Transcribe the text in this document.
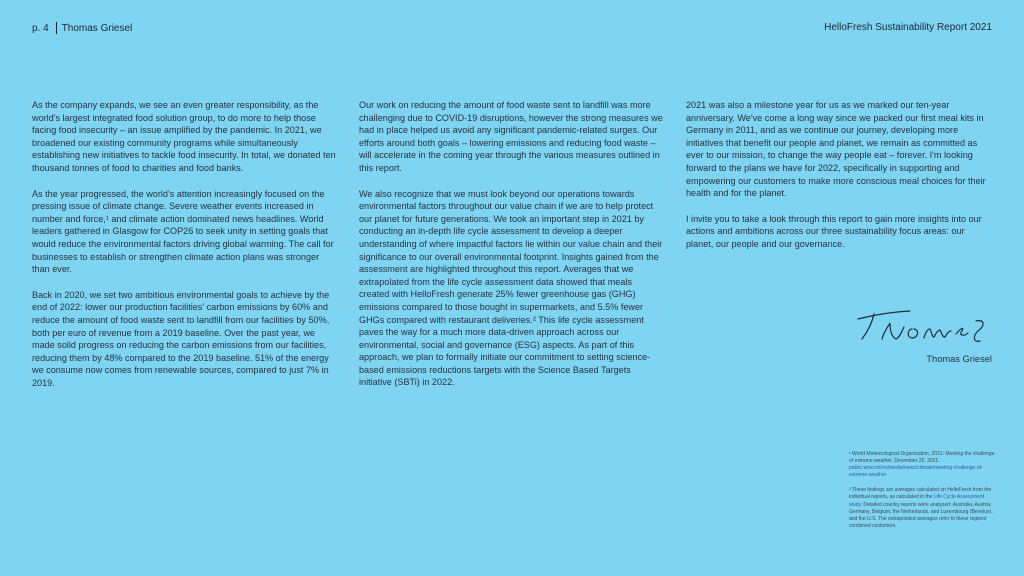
p. 4 Thomas Griesel	HelloFresh Sustainability Report 2021

As the company expands, we see an even greater responsibility, as the world's largest integrated food solution group, to do more to help those facing food insecurity – an issue amplified by the pandemic. In 2021, we broadened our existing community programs while simultaneously establishing new initiatives to tackle food insecurity. In total, we donated ten thousand tonnes of food to charities and food banks.

As the year progressed, the world's attention increasingly focused on the pressing issue of climate change. Severe weather events increased in number and force,¹ and climate action dominated news headlines. World leaders gathered in Glasgow for COP26 to seek unity in setting goals that would reduce the environmental factors driving global warming. The call for businesses to establish or strengthen climate action plans was stronger than ever.

Back in 2020, we set two ambitious environmental goals to achieve by the end of 2022: lower our production facilities' carbon emissions by 60% and reduce the amount of food waste sent to landfill from our facilities by 50%, both per euro of revenue from a 2019 baseline. Over the past year, we made solid progress on reducing the carbon emissions from our facilities, reducing them by 48% compared to the 2019 baseline. 51% of the energy we consume now comes from renewable sources, compared to just 7% in 2019.

Our work on reducing the amount of food waste sent to landfill was more challenging due to COVID-19 disruptions, however the strong measures we had in place helped us avoid any significant pandemic-related surges. Our efforts around both goals – lowering emissions and reducing food waste – will accelerate in the coming year through the various measures outlined in this report.

We also recognize that we must look beyond our operations towards environmental factors throughout our value chain if we are to help protect our planet for future generations. We took an important step in 2021 by conducting an in-depth life cycle assessment to develop a deeper understanding of where impactful factors lie within our value chain and their significance to our overall environmental footprint. Insights gained from the assessment are highlighted throughout this report. Averages that we extrapolated from the life cycle assessment data showed that meals created with HelloFresh generate 25% fewer greenhouse gas (GHG) emissions compared to those bought in supermarkets, and 5.5% fewer GHGs compared with restaurant deliveries.² This life cycle assessment paves the way for a much more data-driven approach across our environmental, social and governance (ESG) aspects. As part of this approach, we plan to formally initiate our commitment to setting science-based emissions reductions targets with the Science Based Targets initiative (SBTi) in 2022.

2021 was also a milestone year for us as we marked our ten-year anniversary. We've come a long way since we packed our first meal kits in Germany in 2011, and as we continue our journey, developing more initiatives that benefit our people and planet, we remain as committed as ever to our mission, to change the way people eat – forever. I'm looking forward to the plans we have for 2022, specifically in supporting and empowering our customers to make more conscious meal choices for their health and for the planet.

I invite you to take a look through this report to gain more insights into our actions and ambitions across our three sustainability focus areas: our planet, our people and our governance.

Thomas Griesel

¹ World Meteorological Organization, 2021: Meeting the challenge of extreme weather. December 25, 2021. public.wmo.int/en/media/news/climate/meeting-challenge-of-extreme-weather

² These findings are averages calculated on HelloFresh from the individual reports, as calculated in the Life Cycle Assessment study. Detailed country reports were analyzed: Australia, Austria, Germany, Belgium, the Netherlands, and Luxembourg (Benelux), and the U.S. The extrapolated averages refer to these regions' combined customers.
